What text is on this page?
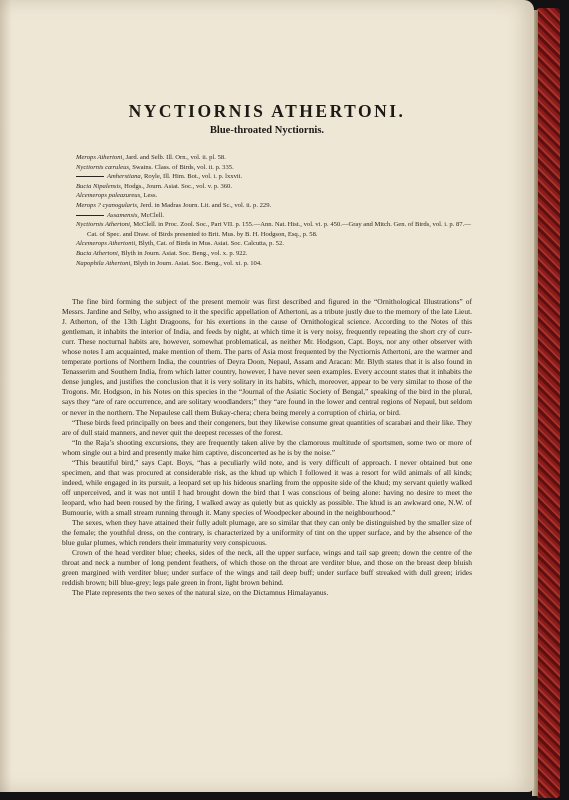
NYCTIORNIS ATHERTONI.
Blue-throated Nyctiornis.
Merops Athertoni, Jard. and Selb. Ill. Orn., vol. ii. pl. 58.
Nyctiornis cæruleus, Swains. Class. of Birds, vol. ii. p. 335.
Amherstiana, Royle, Ill. Him. Bot., vol. i. p. lxxvii.
Bucia Nipalensis, Hodgs., Journ. Asiat. Soc., vol. v. p. 360.
Alcemerops paleazureus, Less.
Merops ? cyanogularis, Jerd. in Madras Journ. Lit. and Sc., vol. ii. p. 229.
Assamensis, McClell.
Nyctiornis Athertoni, McClell. in Proc. Zool. Soc., Part VII. p. 155.—Ann. Nat. Hist., vol. vi. p. 450.—Gray and Mitch. Gen. of Birds, vol. i. p. 87.—Cat. of Spec. and Draw. of Birds presented to Brit. Mus. by B. H. Hodgson, Esq., p. 58.
Alcemerops Athertonii, Blyth, Cat. of Birds in Mus. Asiat. Soc. Calcutta, p. 52.
Bucia Athertoni, Blyth in Journ. Asiat. Soc. Beng., vol. x. p. 922.
Napophila Athertoni, Blyth in Journ. Asiat. Soc. Beng., vol. xi. p. 104.

The fine bird forming the subject of the present memoir was first described and figured in the “Ornithological Illustrations” of Messrs. Jardine and Selby, who assigned to it the specific appellation of Athertoni, as a tribute justly due to the memory of the late Lieut. J. Atherton, of the 13th Light Dragoons, for his exertions in the cause of Ornithological science. According to the Notes of this gentleman, it inhabits the interior of India, and feeds by night, at which time it is very noisy, frequently repeating the short cry of curr-curr. These nocturnal habits are, however, somewhat problematical, as neither Mr. Hodgson, Capt. Boys, nor any other observer with whose notes I am acquainted, make mention of them. The parts of Asia most frequented by the Nyctiornis Athertoni, are the warmer and temperate portions of Northern India, the countries of Deyra Doon, Nepaul, Assam and Aracan: Mr. Blyth states that it is also found in Tenasserim and Southern India, from which latter country, however, I have never seen examples. Every account states that it inhabits the dense jungles, and justifies the conclusion that it is very solitary in its habits, which, moreover, appear to be very similar to those of the Trogons. Mr. Hodgson, in his Notes on this species in the “Journal of the Asiatic Society of Bengal,” speaking of the bird in the plural, says they “are of rare occurrence, and are solitary woodlanders;” they “are found in the lower and central regions of Nepaul, but seldom or never in the northern. The Nepaulese call them Bukay-chera; chera being merely a corruption of chiria, or bird.

“These birds feed principally on bees and their congeners, but they likewise consume great quantities of scarabæi and their like. They are of dull staid manners, and never quit the deepest recesses of the forest.

“In the Raja’s shooting excursions, they are frequently taken alive by the clamorous multitude of sportsmen, some two or more of whom single out a bird and presently make him captive, disconcerted as he is by the noise.”

“This beautiful bird,” says Capt. Boys, “has a peculiarly wild note, and is very difficult of approach. I never obtained but one specimen, and that was procured at considerable risk, as the khud up which I followed it was a resort for wild animals of all kinds; indeed, while engaged in its pursuit, a leopard set up his hideous snarling from the opposite side of the khud; my servant quietly walked off unperceived, and it was not until I had brought down the bird that I was conscious of being alone: having no desire to meet the leopard, who had been roused by the firing, I walked away as quietly but as quickly as possible. The khud is an awkward one, N.W. of Bumourie, with a small stream running through it. Many species of Woodpecker abound in the neighbourhood.”

The sexes, when they have attained their fully adult plumage, are so similar that they can only be distinguished by the smaller size of the female; the youthful dress, on the contrary, is characterized by a uniformity of tint on the upper surface, and by the absence of the blue gular plumes, which renders their immaturity very conspicuous.

Crown of the head verditer blue; cheeks, sides of the neck, all the upper surface, wings and tail sap green; down the centre of the throat and neck a number of long pendent feathers, of which those on the throat are verditer blue, and those on the breast deep bluish green margined with verditer blue; under surface of the wings and tail deep buff; under surface buff streaked with dull green; irides reddish brown; bill blue-grey; legs pale green in front, light brown behind.

The Plate represents the two sexes of the natural size, on the Dictamnus Himalayanus.
